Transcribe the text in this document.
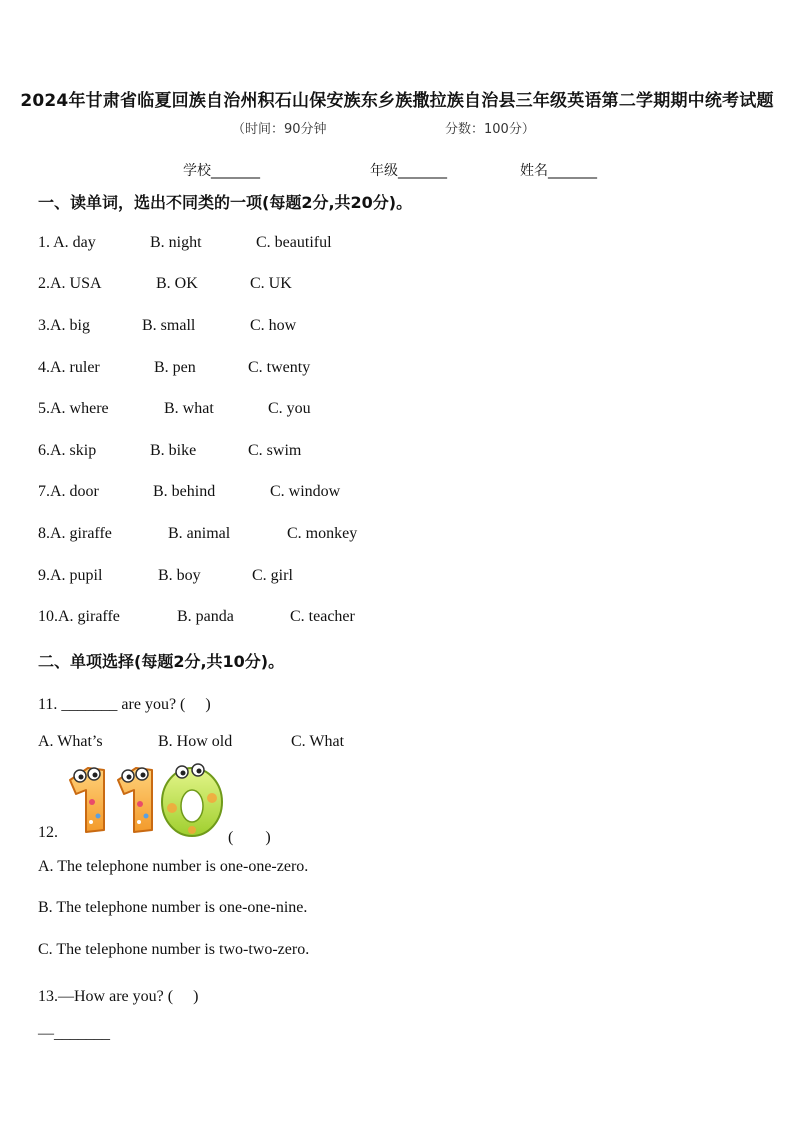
2024年甘肃省临夏回族自治州积石山保安族东乡族撒拉族自治县三年级英语第二学期期中统考试题
（时间：90分钟	分数：100分）
学校_______	年级_______	姓名_______
一、读单词，选出不同类的一项(每题2分,共20分)。
1. A. day	B. night	C. beautiful
2.A. USA	B. OK	C. UK
3.A. big	B. small	C. how
4.A. ruler	B. pen	C. twenty
5.A. where	B. what	C. you
6.A. skip	B. bike	C. swim
7.A. door	B. behind	C. window
8.A. giraffe	B. animal	C. monkey
9.A. pupil	B. boy	C. girl
10.A. giraffe	B. panda	C. teacher
二、单项选择(每题2分,共10分)。
11. _______ are you? (　 )
A. What’s	B. How old	C. What
12.	(　　)
A. The telephone number is one-one-zero.
B. The telephone number is one-one-nine.
C. The telephone number is two-two-zero.
13.—How are you? (　 )
—_______
